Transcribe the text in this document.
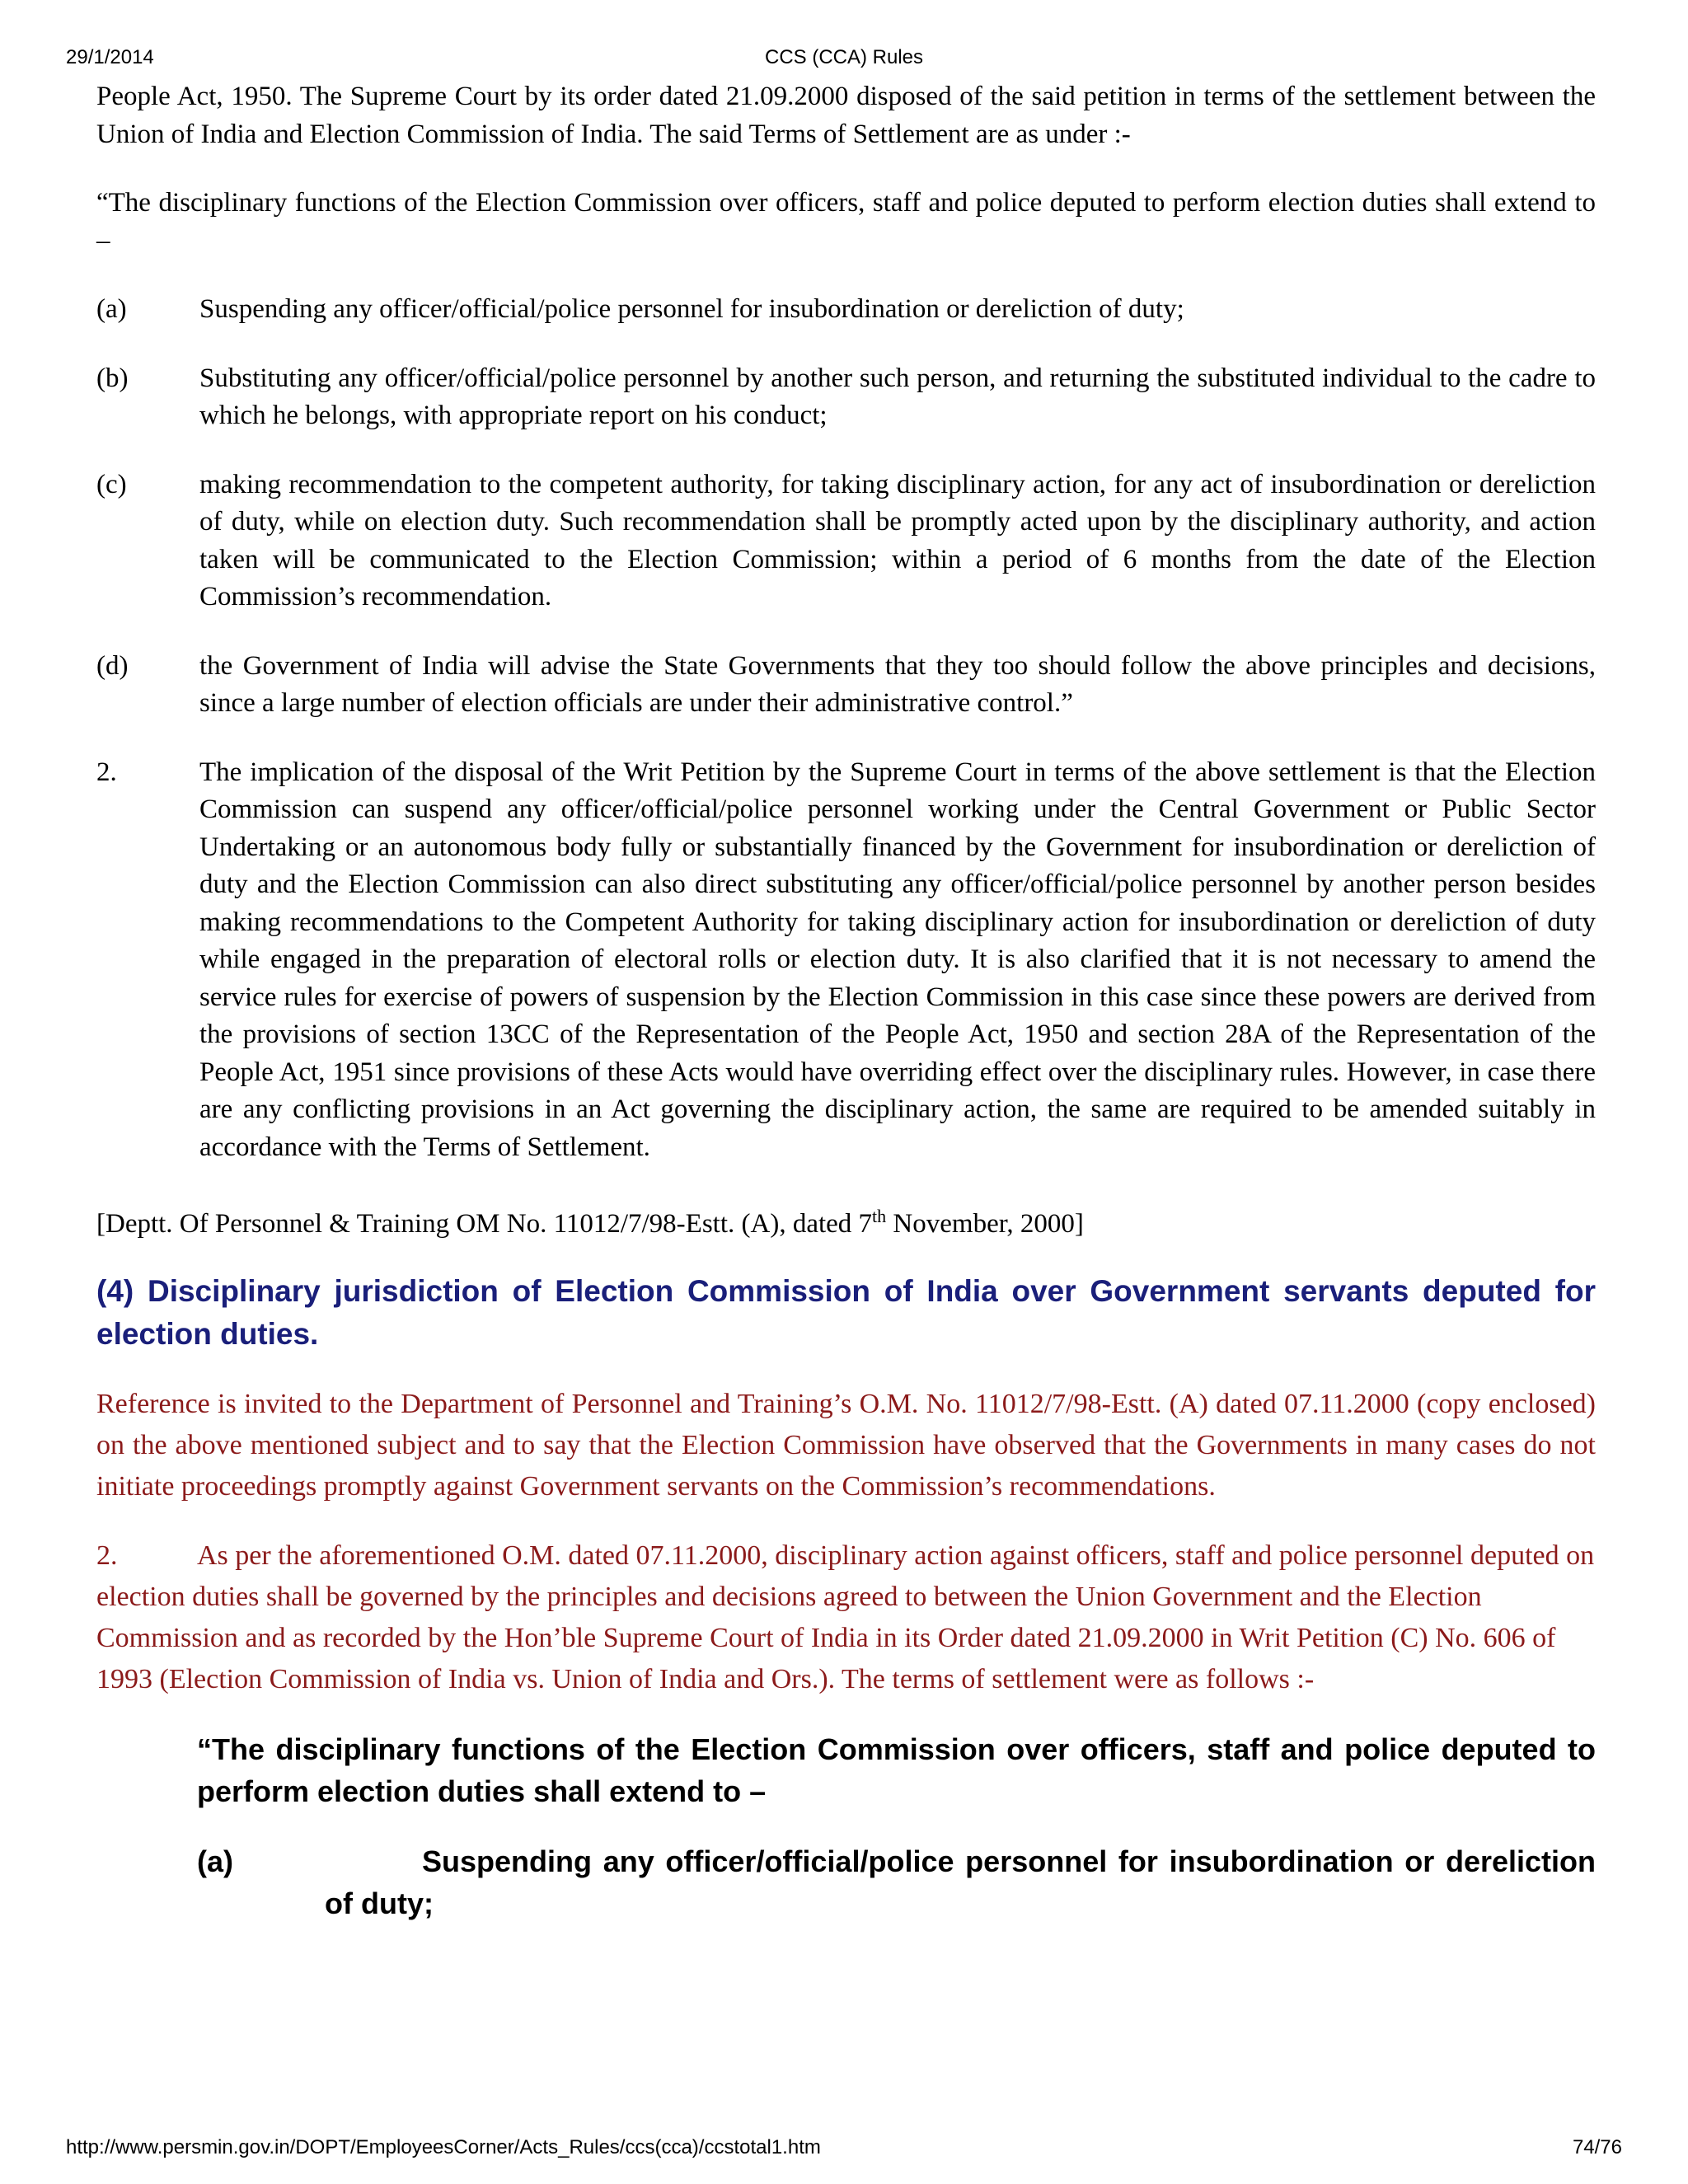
29/1/2014	CCS (CCA) Rules

People Act, 1950. The Supreme Court by its order dated 21.09.2000 disposed of the said petition in terms of the settlement between the Union of India and Election Commission of India. The said Terms of Settlement are as under :-

“The disciplinary functions of the Election Commission over officers, staff and police deputed to perform election duties shall extend to –

(a)	Suspending any officer/official/police personnel for insubordination or dereliction of duty;
(b)	Substituting any officer/official/police personnel by another such person, and returning the substituted individual to the cadre to which he belongs, with appropriate report on his conduct;
(c)	making recommendation to the competent authority, for taking disciplinary action, for any act of insubordination or dereliction of duty, while on election duty. Such recommendation shall be promptly acted upon by the disciplinary authority, and action taken will be communicated to the Election Commission; within a period of 6 months from the date of the Election Commission’s recommendation.
(d)	the Government of India will advise the State Governments that they too should follow the above principles and decisions, since a large number of election officials are under their administrative control.”
2.	The implication of the disposal of the Writ Petition by the Supreme Court in terms of the above settlement is that the Election Commission can suspend any officer/official/police personnel working under the Central Government or Public Sector Undertaking or an autonomous body fully or substantially financed by the Government for insubordination or dereliction of duty and the Election Commission can also direct substituting any officer/official/police personnel by another person besides making recommendations to the Competent Authority for taking disciplinary action for insubordination or dereliction of duty while engaged in the preparation of electoral rolls or election duty. It is also clarified that it is not necessary to amend the service rules for exercise of powers of suspension by the Election Commission in this case since these powers are derived from the provisions of section 13CC of the Representation of the People Act, 1950 and section 28A of the Representation of the People Act, 1951 since provisions of these Acts would have overriding effect over the disciplinary rules. However, in case there are any conflicting provisions in an Act governing the disciplinary action, the same are required to be amended suitably in accordance with the Terms of Settlement.

[Deptt. Of Personnel & Training OM No. 11012/7/98-Estt. (A), dated 7th November, 2000]

(4) Disciplinary jurisdiction of Election Commission of India over Government servants deputed for election duties.

Reference is invited to the Department of Personnel and Training’s O.M. No. 11012/7/98-Estt. (A) dated 07.11.2000 (copy enclosed) on the above mentioned subject and to say that the Election Commission have observed that the Governments in many cases do not initiate proceedings promptly against Government servants on the Commission’s recommendations.

2.	As per the aforementioned O.M. dated 07.11.2000, disciplinary action against officers, staff and police personnel deputed on election duties shall be governed by the principles and decisions agreed to between the Union Government and the Election Commission and as recorded by the Hon’ble Supreme Court of India in its Order dated 21.09.2000 in Writ Petition (C) No. 606 of 1993 (Election Commission of India vs. Union of India and Ors.). The terms of settlement were as follows :-

“The disciplinary functions of the Election Commission over officers, staff and police deputed to perform election duties shall extend to –
(a)	Suspending any officer/official/police personnel for insubordination or dereliction of duty;
http://www.persmin.gov.in/DOPT/EmployeesCorner/Acts_Rules/ccs(cca)/ccstotal1.htm	74/76
